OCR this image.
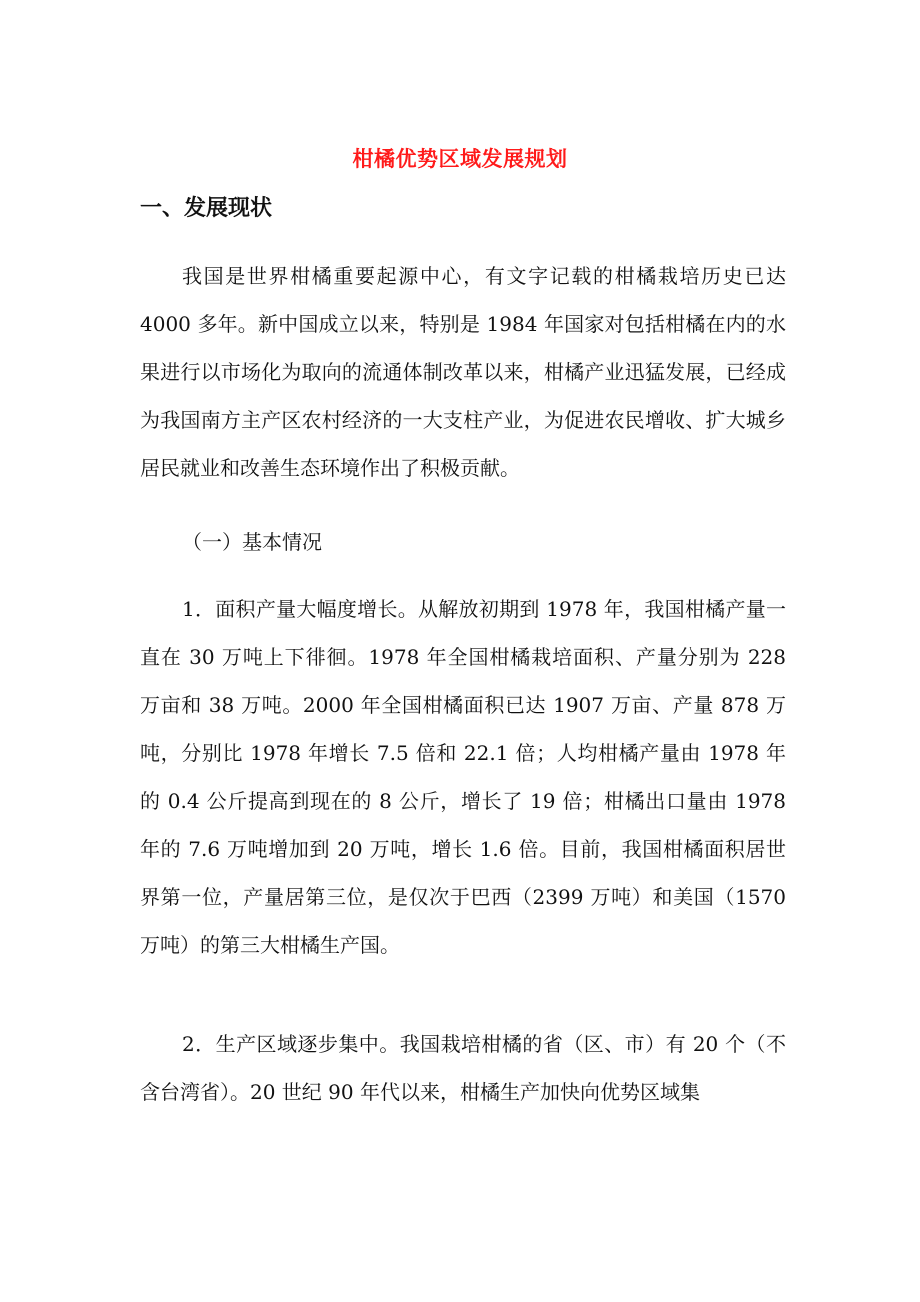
柑橘优势区域发展规划
一、发展现状

我国是世界柑橘重要起源中心，有文字记载的柑橘栽培历史已达 4000 多年。新中国成立以来，特别是 1984 年国家对包括柑橘在内的水果进行以市场化为取向的流通体制改革以来，柑橘产业迅猛发展，已经成为我国南方主产区农村经济的一大支柱产业，为促进农民增收、扩大城乡居民就业和改善生态环境作出了积极贡献。

（一）基本情况

1．面积产量大幅度增长。从解放初期到 1978 年，我国柑橘产量一直在 30 万吨上下徘徊。1978 年全国柑橘栽培面积、产量分别为 228 万亩和 38 万吨。2000 年全国柑橘面积已达 1907 万亩、产量 878 万吨，分别比 1978 年增长 7.5 倍和 22.1 倍；人均柑橘产量由 1978 年的 0.4 公斤提高到现在的 8 公斤，增长了 19 倍；柑橘出口量由 1978 年的 7.6 万吨增加到 20 万吨，增长 1.6 倍。目前，我国柑橘面积居世界第一位，产量居第三位，是仅次于巴西（2399 万吨）和美国（1570 万吨）的第三大柑橘生产国。

2．生产区域逐步集中。我国栽培柑橘的省（区、市）有 20 个（不含台湾省）。20 世纪 90 年代以来，柑橘生产加快向优势区域集
